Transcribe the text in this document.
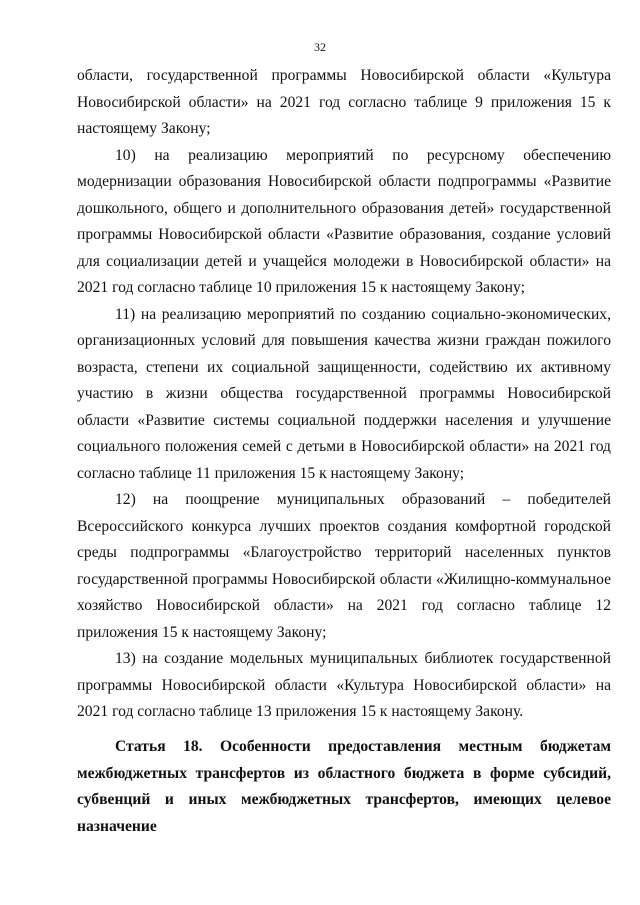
32

области, государственной программы Новосибирской области «Культура Новосибирской области» на 2021 год согласно таблице 9 приложения 15 к настоящему Закону;

10) на реализацию мероприятий по ресурсному обеспечению модернизации образования Новосибирской области подпрограммы «Развитие дошкольного, общего и дополнительного образования детей» государственной программы Новосибирской области «Развитие образования, создание условий для социализации детей и учащейся молодежи в Новосибирской области» на 2021 год согласно таблице 10 приложения 15 к настоящему Закону;

11) на реализацию мероприятий по созданию социально-экономических, организационных условий для повышения качества жизни граждан пожилого возраста, степени их социальной защищенности, содействию их активному участию в жизни общества государственной программы Новосибирской области «Развитие системы социальной поддержки населения и улучшение социального положения семей с детьми в Новосибирской области» на 2021 год согласно таблице 11 приложения 15 к настоящему Закону;

12) на поощрение муниципальных образований – победителей Всероссийского конкурса лучших проектов создания комфортной городской среды подпрограммы «Благоустройство территорий населенных пунктов государственной программы Новосибирской области «Жилищно-коммунальное хозяйство Новосибирской области» на 2021 год согласно таблице 12 приложения 15 к настоящему Закону;

13) на создание модельных муниципальных библиотек государственной программы Новосибирской области «Культура Новосибирской области» на 2021 год согласно таблице 13 приложения 15 к настоящему Закону.

Статья 18. Особенности предоставления местным бюджетам межбюджетных трансфертов из областного бюджета в форме субсидий, субвенций и иных межбюджетных трансфертов, имеющих целевое назначение
